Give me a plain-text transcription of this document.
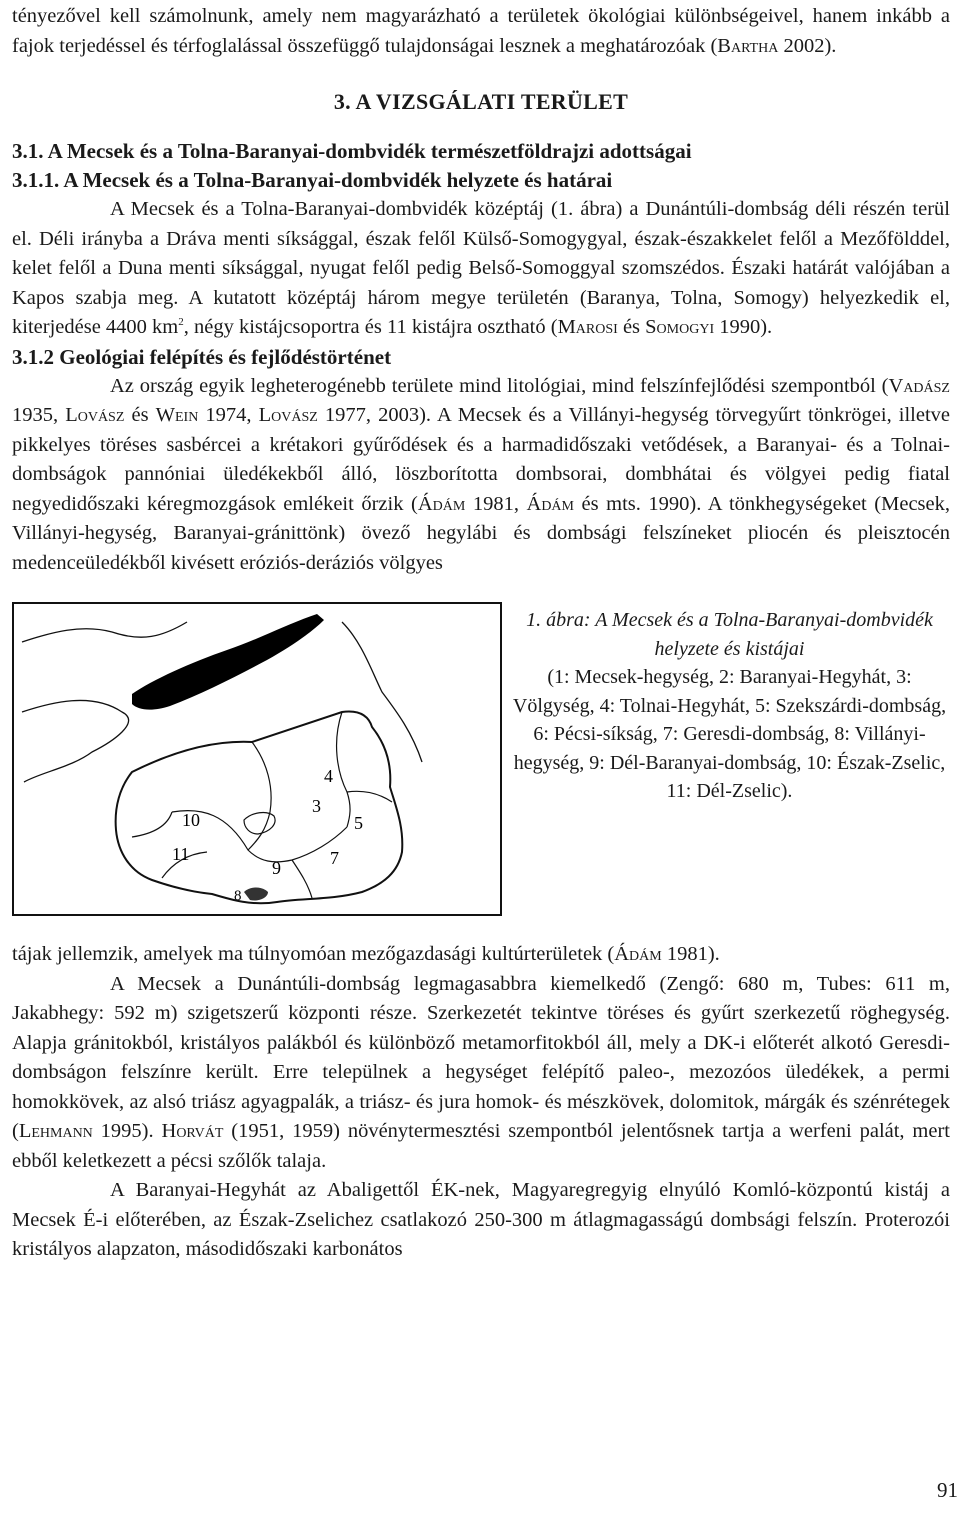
tényezővel kell számolnunk, amely nem magyarázható a területek ökológiai különbségeivel, hanem inkább a fajok terjedéssel és térfoglalással összefüggő tulajdonságai lesznek a meghatározóak (Bartha 2002).

3. A VIZSGÁLATI TERÜLET
3.1. A Mecsek és a Tolna-Baranyai-dombvidék természetföldrajzi adottságai
3.1.1. A Mecsek és a Tolna-Baranyai-dombvidék helyzete és határai

A Mecsek és a Tolna-Baranyai-dombvidék középtáj (1. ábra) a Dunántúli-dombság déli részén terül el. Déli irányba a Dráva menti síksággal, észak felől Külső-Somogygyal, észak-északkelet felől a Mezőfölddel, kelet felől a Duna menti síksággal, nyugat felől pedig Belső-Somoggyal szomszédos. Északi határát valójában a Kapos szabja meg. A kutatott középtáj három megye területén (Baranya, Tolna, Somogy) helyezkedik el, kiterjedése 4400 $km^2$, négy kistájcsoportra és 11 kistájra osztható (Marosi és Somogyi 1990).

3.1.2 Geológiai felépítés és fejlődéstörténet

Az ország egyik legheterogénebb területe mind litológiai, mind felszínfejlődési szempontból (Vadász 1935, Lovász és Wein 1974, Lovász 1977, 2003). A Mecsek és a Villányi-hegység törvegyűrt tönkrögei, illetve pikkelyes töréses sasbércei a krétakori gyűrődések és a harmadidőszaki vetődések, a Baranyai- és a Tolnai-dombságok pannóniai üledékekből álló, löszborította dombsorai, dombhátai és völgyei pedig fiatal negyedidőszaki kéregmozgások emlékeit őrzik (Ádám 1981, Ádám és mts. 1990). A tönkhegységeket (Mecsek, Villányi-hegység, Baranyai-gránittönk) övező hegylábi és dombsági felszíneket pliocén és pleisztocén medenceüledékből kivésett eróziós-deráziós völgyes

4
3
5
10
11	7
9
8
1. ábra: A Mecsek és a Tolna-Baranyai-dombvidék helyzete és kistájai
(1: Mecsek-hegység, 2: Baranyai-Hegyhát, 3: Völgység, 4: Tolnai-Hegyhát, 5: Szekszárdi-dombság, 6: Pécsi-síkság, 7: Geresdi-dombság, 8: Villányi-hegység, 9: Dél-Baranyai-dombság, 10: Észak-Zselic, 11: Dél-Zselic).

tájak jellemzik, amelyek ma túlnyomóan mezőgazdasági kultúrterületek (Ádám 1981).

A Mecsek a Dunántúli-dombság legmagasabbra kiemelkedő (Zengő: 680 m, Tubes: 611 m, Jakabhegy: 592 m) szigetszerű központi része. Szerkezetét tekintve töréses és gyűrt szerkezetű röghegység. Alapja gránitokból, kristályos palákból és különböző metamorfitokból áll, mely a DK-i előterét alkotó Geresdi-dombságon felszínre került. Erre települnek a hegységet felépítő paleo-, mezozóos üledékek, a permi homokkövek, az alsó triász agyagpalák, a triász- és jura homok- és mészkövek, dolomitok, márgák és szénrétegek (Lehmann 1995). Horvát (1951, 1959) növénytermesztési szempontból jelentősnek tartja a werfeni palát, mert ebből keletkezett a pécsi szőlők talaja.

A Baranyai-Hegyhát az Abaligettől ÉK-nek, Magyaregregyig elnyúló Komló-központú kistáj a Mecsek É-i előterében, az Észak-Zselichez csatlakozó 250-300 m átlagmagasságú dombsági felszín. Proterozói kristályos alapzaton, másodidőszaki karbonátos

91
